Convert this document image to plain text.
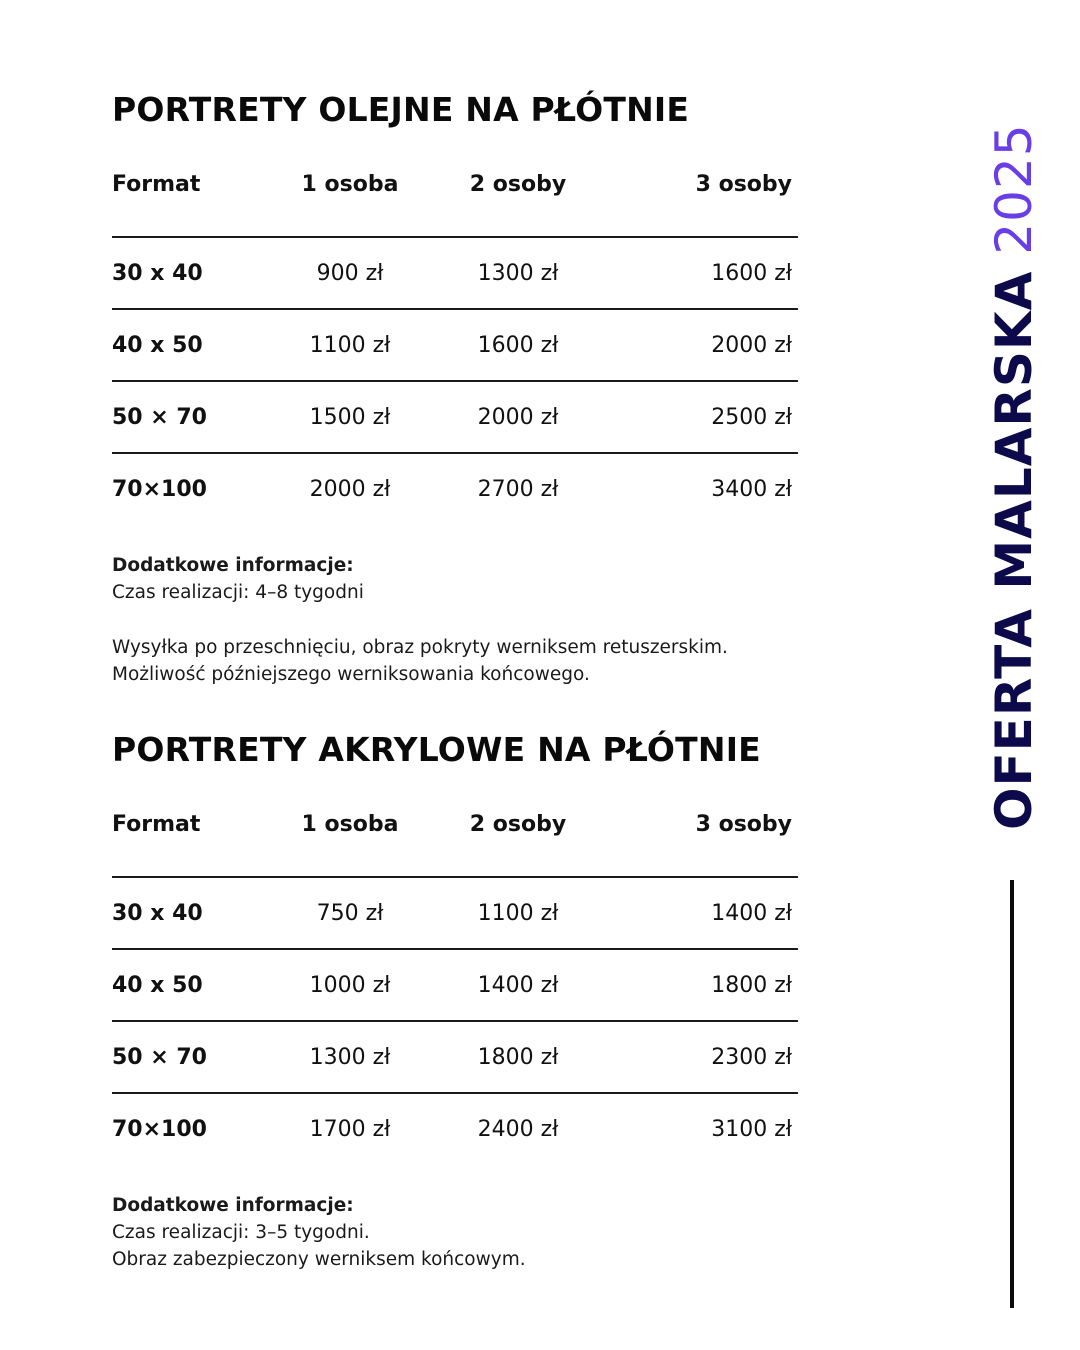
PORTRETY OLEJNE NA PŁÓTNIE
Format	1 osoba	2 osoby	3 osoby
30 x 40	900 zł	1300 zł	1600 zł
40 x 50	1100 zł	1600 zł	2000 zł
50 × 70	1500 zł	2000 zł	2500 zł
70×100	2000 zł	2700 zł	3400 zł

Dodatkowe informacje:

Czas realizacji: 4–8 tygodni

Wysyłka po przeschnięciu, obraz pokryty werniksem retuszerskim.

Możliwość późniejszego werniksowania końcowego.

PORTRETY AKRYLOWE NA PŁÓTNIE
Format	1 osoba	2 osoby	3 osoby
30 x 40	750 zł	1100 zł	1400 zł
40 x 50	1000 zł	1400 zł	1800 zł
50 × 70	1300 zł	1800 zł	2300 zł
70×100	1700 zł	2400 zł	3100 zł

Dodatkowe informacje:

Czas realizacji: 3–5 tygodni.

Obraz zabezpieczony werniksem końcowym.

OFERTA MALARSKA
2025
